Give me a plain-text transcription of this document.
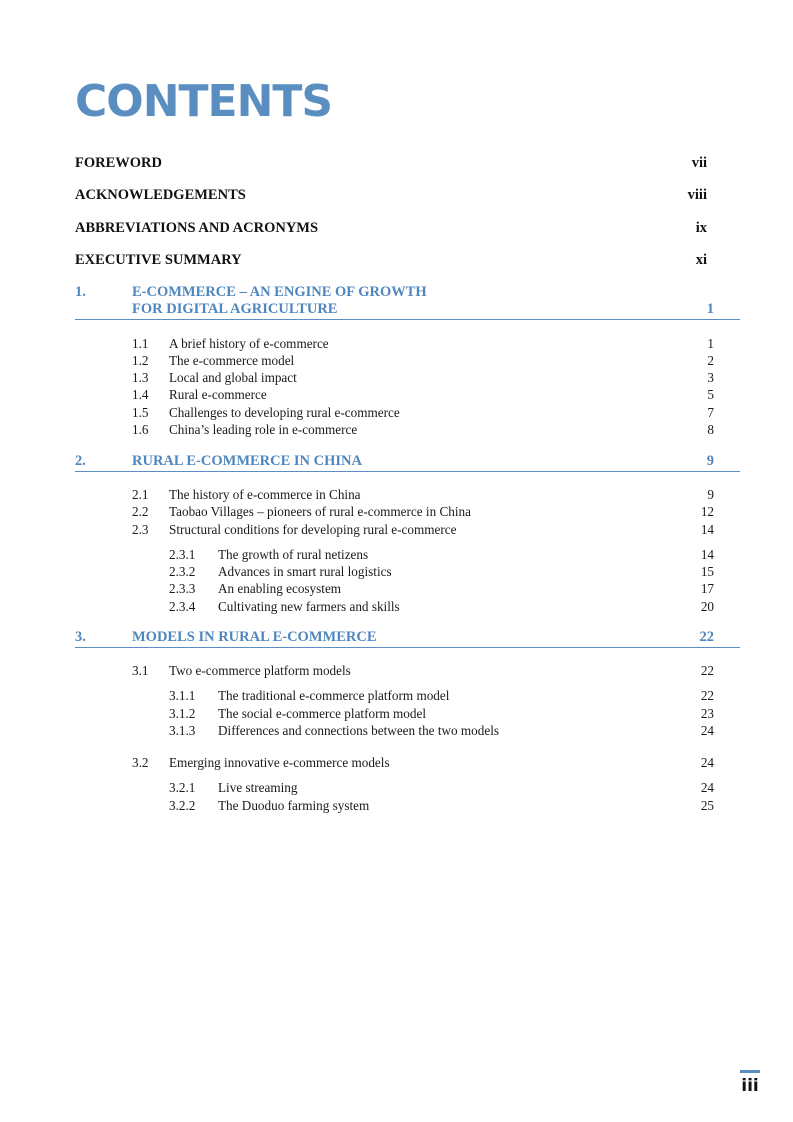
CONTENTS
FOREWORD	vii
ACKNOWLEDGEMENTS	viii
ABBREVIATIONS AND ACRONYMS	ix
EXECUTIVE SUMMARY	xi
1.	E-COMMERCE – AN ENGINE OF GROWTH
FOR DIGITAL AGRICULTURE	1
1.1 A brief history of e-commerce	1
1.2 The e-commerce model	2
1.3 Local and global impact	3
1.4 Rural e-commerce	5
1.5 Challenges to developing rural e-commerce	7
1.6 China’s leading role in e-commerce	8
2.	RURAL E-COMMERCE IN CHINA	9
2.1 The history of e-commerce in China	9
2.2 Taobao Villages – pioneers of rural e-commerce in China	12
2.3 Structural conditions for developing rural e-commerce	14
2.3.1 The growth of rural netizens	14
2.3.2 Advances in smart rural logistics	15
2.3.3 An enabling ecosystem	17
2.3.4 Cultivating new farmers and skills	20
3.	MODELS IN RURAL E-COMMERCE	22
3.1 Two e-commerce platform models	22
3.1.1 The traditional e-commerce platform model	22
3.1.2 The social e-commerce platform model	23
3.1.3 Differences and connections between the two models	24
3.2 Emerging innovative e-commerce models	24
3.2.1 Live streaming	24
3.2.2 The Duoduo farming system	25
iii
